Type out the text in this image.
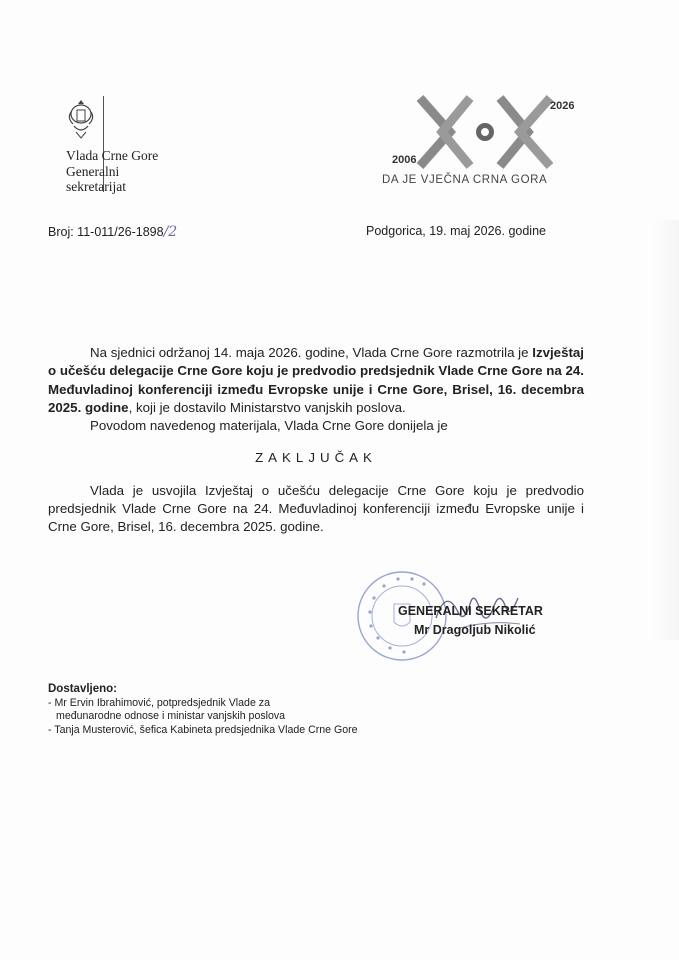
Vlada Crne Gore
Generalni
sekretarijat
2026
2006
DA JE VJEČNA CRNA GORA
Broj: 11-011/26-1898/2	Podgorica, 19. maj 2026. godine
Na sjednici održanoj 14. maja 2026. godine, Vlada Crne Gore razmotrila je Izvještaj o učešću delegacije Crne Gore koju je predvodio predsjednik Vlade Crne Gore na 24. Međuvladinoj konferenciji između Evropske unije i Crne Gore, Brisel, 16. decembra 2025. godine, koji je dostavilo Ministarstvo vanjskih poslova.
Povodom navedenog materijala, Vlada Crne Gore donijela je
ZAKLJUČAK
Vlada je usvojila Izvještaj o učešću delegacije Crne Gore koju je predvodio predsjednik Vlade Crne Gore na 24. Međuvladinoj konferenciji između Evropske unije i Crne Gore, Brisel, 16. decembra 2025. godine.
GENERALNI SEKRETAR
Mr Dragoljub Nikolić
Dostavljeno:
- Mr Ervin Ibrahimović, potpredsjednik Vlade za
međunarodne odnose i ministar vanjskih poslova
- Tanja Musterović, šefica Kabineta predsjednika Vlade Crne Gore
